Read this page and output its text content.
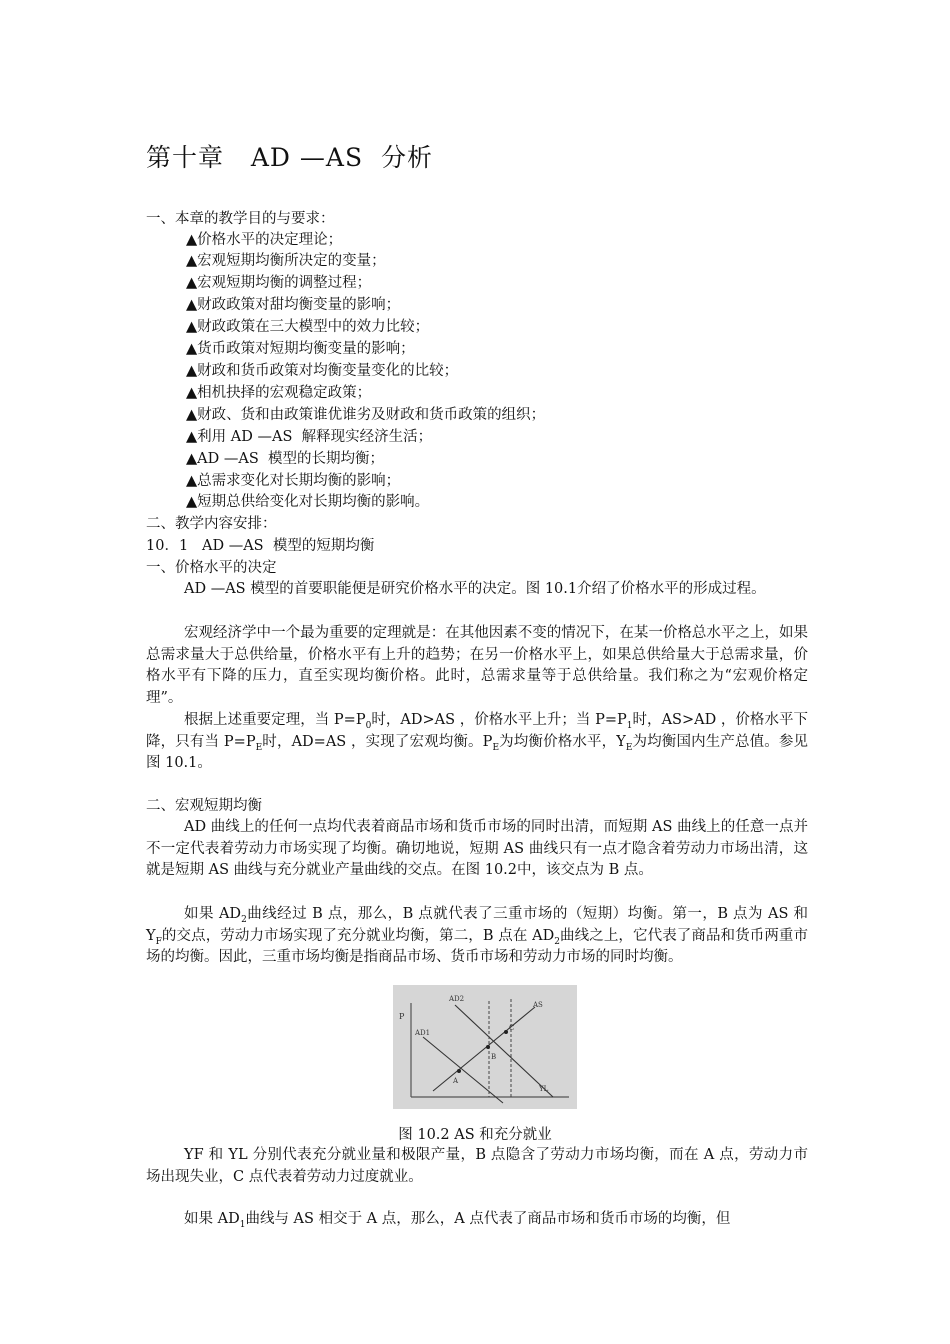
第十章   AD —AS  分析
一、本章的教学目的与要求：
▲价格水平的决定理论；
▲宏观短期均衡所决定的变量；
▲宏观短期均衡的调整过程；
▲财政政策对甜均衡变量的影响；
▲财政政策在三大模型中的效力比较；
▲货币政策对短期均衡变量的影响；
▲财政和货币政策对均衡变量变化的比较；
▲相机抉择的宏观稳定政策；
▲财政、货和由政策谁优谁劣及财政和货币政策的组织；
▲利用 AD —AS  解释现实经济生活；
▲AD —AS  模型的长期均衡；
▲总需求变化对长期均衡的影响；
▲短期总供给变化对长期均衡的影响。
二、教学内容安排：
10．1   AD —AS  模型的短期均衡
一、价格水平的决定
AD —AS 模型的首要职能便是研究价格水平的决定。图 10.1介绍了价格水平的形成过程。
宏观经济学中一个最为重要的定理就是：在其他因素不变的情况下，在某一价格总水平之上，如果总需求量大于总供给量，价格水平有上升的趋势；在另一价格水平上，如果总供给量大于总需求量，价格水平有下降的压力，直至实现均衡价格。此时，总需求量等于总供给量。我们称之为“宏观价格定理”。
根据上述重要定理，当 $P=P_0$时，AD>AS ，价格水平上升；当 $P=P_1$时，AS>AD ，价格水平下降，只有当 $P=P_E$时，AD=AS ，实现了宏观均衡。$P_E$为均衡价格水平，$Y_E$为均衡国内生产总值。参见图 10.1。
二、宏观短期均衡
AD 曲线上的任何一点均代表着商品市场和货币市场的同时出清，而短期 AS 曲线上的任意一点并不一定代表着劳动力市场实现了均衡。确切地说，短期 AS 曲线只有一点才隐含着劳动力市场出清，这就是短期 AS 曲线与充分就业产量曲线的交点。在图 10.2中，该交点为 B 点。
如果 $AD_2$曲线经过 B 点，那么，B 点就代表了三重市场的（短期）均衡。第一，B 点为 AS 和 $Y_F$的交点，劳动力市场实现了充分就业均衡，第二，B 点在 $AD_2$曲线之上，它代表了商品和货币两重市场的均衡。因此，三重市场均衡是指商品市场、货币市场和劳动力市场的同时均衡。
P
AD1
AD2
AS
A
B
C
YL
图 10.2 AS 和充分就业
YF 和 YL 分别代表充分就业量和极限产量，B 点隐含了劳动力市场均衡，而在 A 点，劳动力市场出现失业，C 点代表着劳动力过度就业。
如果 $AD_1$曲线与 AS 相交于 A 点，那么，A 点代表了商品市场和货币市场的均衡，但
